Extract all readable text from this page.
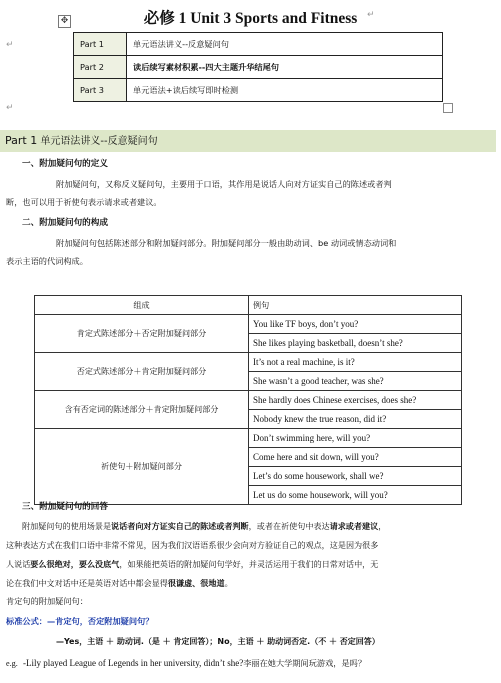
↵
↵
↵
必修 1 Unit 3 Sports and Fitness
✥
Part 1	单元语法讲义--反意疑问句
Part 2	读后续写素材积累--四大主题升华结尾句
Part 3	单元语法+读后续写即时检测
Part 1 单元语法讲义--反意疑问句
一、附加疑问句的定义
附加疑问句，又称反义疑问句，主要用于口语，其作用是说话人向对方证实自己的陈述或者判
断，也可以用于祈使句表示请求或者建议。
二、附加疑问句的构成
附加疑问句包括陈述部分和附加疑问部分。附加疑问部分一般由助动词、be 动词或情态动词和
表示主语的代词构成。
组成	例句
肯定式陈述部分＋否定附加疑问部分	You like TF boys, don’t you?
She likes playing basketball, doesn’t she?

否定式陈述部分＋肯定附加疑问部分	It’s not a real machine, is it?
She wasn’t a good teacher, was she?

含有否定词的陈述部分＋肯定附加疑问部分	She hardly does Chinese exercises, does she?
Nobody knew the true reason, did it?

祈使句＋附加疑问部分	Don’t swimming here, will you?
Come here and sit down, will you?
Let’s do some housework, shall we?
Let us do some housework, will you?
三、附加疑问句的回答
附加疑问句的使用场景是说话者向对方证实自己的陈述或者判断，或者在祈使句中表达请求或者建议，
这种表达方式在我们口语中非常不常见，因为我们汉语语系很少会向对方验证自己的观点，这是因为很多
人说话要么很绝对，要么没底气，如果能把英语的附加疑问句学好，并灵活运用于我们的日常对话中，无
论在我们中文对话中还是英语对话中都会显得很谦虚、很地道。
肯定句的附加疑问句：
标准公式：—肯定句，否定附加疑问句？
—Yes，主语 ＋ 助动词.（是 ＋ 肯定回答）；No，主语 ＋ 助动词否定.（不 ＋ 否定回答）
e.g. -Lily played League of Legends in her university, didn’t she?李丽在她大学期间玩游戏，是吗？
